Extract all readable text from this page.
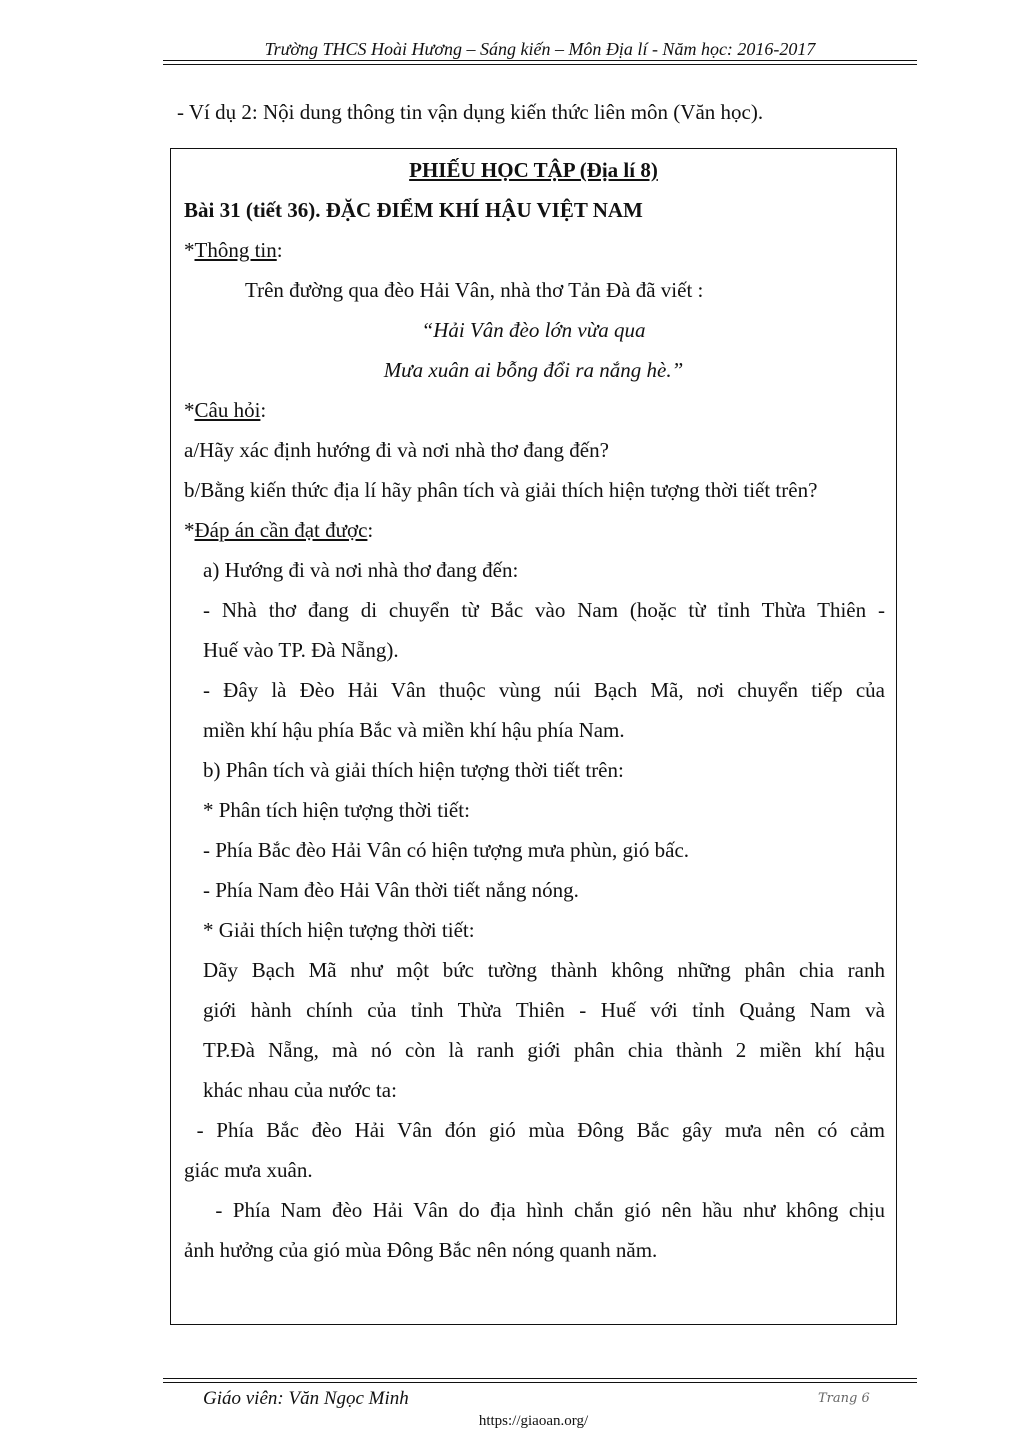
Trường THCS Hoài Hương – Sáng kiến – Môn Địa lí - Năm học: 2016-2017
- Ví dụ 2: Nội dung thông tin vận dụng kiến thức liên môn (Văn học).
PHIẾU HỌC TẬP (Địa lí 8)
Bài 31 (tiết 36). ĐẶC ĐIỂM KHÍ HẬU VIỆT NAM
*Thông tin:
Trên đường qua đèo Hải Vân, nhà thơ Tản Đà đã viết :
“Hải Vân đèo lớn vừa qua
Mưa xuân ai bỗng đổi ra nắng hè.”
*Câu hỏi:
a/Hãy xác định hướng đi và nơi nhà thơ đang đến?
b/Bằng kiến thức địa lí hãy phân tích và giải thích hiện tượng thời tiết trên?
*Đáp án cần đạt được:
a) Hướng đi và nơi nhà thơ đang đến:
- Nhà thơ đang di chuyển từ Bắc vào Nam (hoặc từ tỉnh Thừa Thiên -
Huế vào TP. Đà Nẵng).
- Đây là Đèo Hải Vân thuộc vùng núi Bạch Mã, nơi chuyển tiếp của
miền khí hậu phía Bắc và miền khí hậu phía Nam.
b) Phân tích và giải thích hiện tượng thời tiết trên:
* Phân tích hiện tượng thời tiết:
- Phía Bắc đèo Hải Vân có hiện tượng mưa phùn, gió bấc.
- Phía Nam đèo Hải Vân thời tiết nắng nóng.
* Giải thích hiện tượng thời tiết:
Dãy Bạch Mã như một bức tường thành không những phân chia ranh
giới hành chính của tỉnh Thừa Thiên - Huế với tỉnh Quảng Nam và
TP.Đà Nẵng, mà nó còn là ranh giới phân chia thành 2 miền khí hậu
khác nhau của nước ta:
- Phía Bắc đèo Hải Vân đón gió mùa Đông Bắc gây mưa nên có cảm
giác mưa xuân.
- Phía Nam đèo Hải Vân do địa hình chắn gió nên hầu như không chịu
ảnh hưởng của gió mùa Đông Bắc nên nóng quanh năm.
Giáo viên: Văn Ngọc Minh	Trang 6
https://giaoan.org/
